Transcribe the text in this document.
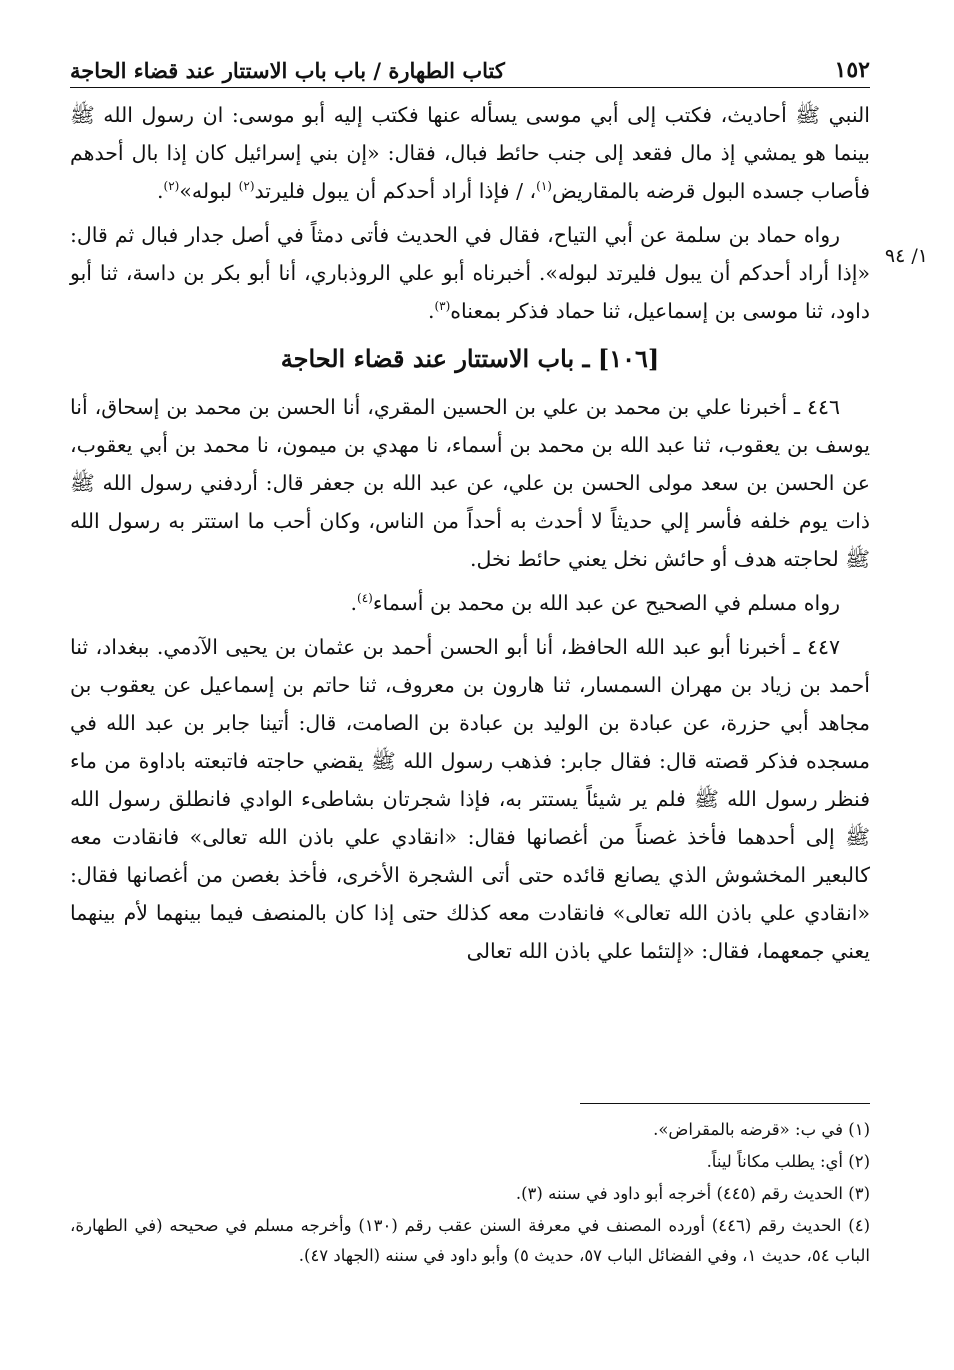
١٥٢
كتاب الطهارة / باب باب الاستتار عند قضاء الحاجة
١/ ٩٤

النبي ﷺ أحاديث، فكتب إلى أبي موسى يسأله عنها فكتب إليه أبو موسى: ان رسول الله ﷺ بينما هو يمشي إذ مال فقعد إلى جنب حائط فبال، فقال: «إن بني إسرائيل كان إذا بال أحدهم فأصاب جسده البول قرضه بالمقاريض$^{(١)}$، / فإذا أراد أحدكم أن يبول فليرتد$^{(٢)}$ لبوله»$^{(٢)}$.

رواه حماد بن سلمة عن أبي التياح، فقال في الحديث فأتى دمثاً في أصل جدار فبال ثم قال: «إذا أراد أحدكم أن يبول فليرتد لبوله». أخبرناه أبو علي الروذباري، أنا أبو بكر بن داسة، ثنا أبو داود، ثنا موسى بن إسماعيل، ثنا حماد فذكر بمعناه$^{(٣)}$.

[١٠٦] ـ باب الاستتار عند قضاء الحاجة

٤٤٦ ـ أخبرنا علي بن محمد بن علي بن الحسين المقري، أنا الحسن بن محمد بن إسحاق، أنا يوسف بن يعقوب، ثنا عبد الله بن محمد بن أسماء، نا مهدي بن ميمون، نا محمد بن أبي يعقوب، عن الحسن بن سعد مولى الحسن بن علي، عن عبد الله بن جعفر قال: أردفني رسول الله ﷺ ذات يوم خلفه فأسر إلي حديثاً لا أحدث به أحداً من الناس، وكان أحب ما استتر به رسول الله ﷺ لحاجته هدف أو حائش نخل يعني حائط نخل.

رواه مسلم في الصحيح عن عبد الله بن محمد بن أسماء$^{(٤)}$.

٤٤٧ ـ أخبرنا أبو عبد الله الحافظ، أنا أبو الحسن أحمد بن عثمان بن يحيى الآدمي. ببغداد، ثنا أحمد بن زياد بن مهران السمسار، ثنا هارون بن معروف، ثنا حاتم بن إسماعيل عن يعقوب بن مجاهد أبي حزرة، عن عبادة بن الوليد بن عبادة بن الصامت، قال: أتينا جابر بن عبد الله في مسجده فذكر قصته قال: فقال جابر: فذهب رسول الله ﷺ يقضي حاجته فاتبعته باداوة من ماء فنظر رسول الله ﷺ فلم ير شيئاً يستتر به، فإذا شجرتان بشاطىء الوادي فانطلق رسول الله ﷺ إلى أحدهما فأخذ غصناً من أغصانها فقال: «انقادي علي باذن الله تعالى» فانقادت معه كالبعير المخشوش الذي يصانع قائده حتى أتى الشجرة الأخرى، فأخذ بغصن من أغصانها فقال: «انقادي علي باذن الله تعالى» فانقادت معه كذلك حتى إذا كان بالمنصف فيما بينهما لأم بينهما يعني جمعهما، فقال: «إلتئما علي باذن الله تعالى

(١) في ب: «قرضه بالمقراض».

(٢) أي: يطلب مكاناً ليناً.

(٣) الحديث رقم (٤٤٥) أخرجه أبو داود في سننه (٣).

(٤) الحديث رقم (٤٤٦) أورده المصنف في معرفة السنن عقب رقم (١٣٠) وأخرجه مسلم في صحيحه (في الطهارة، الباب ٥٤، حديث ١، وفي الفضائل الباب ٥٧، حديث ٥) وأبو داود في سننه (الجهاد ٤٧).
